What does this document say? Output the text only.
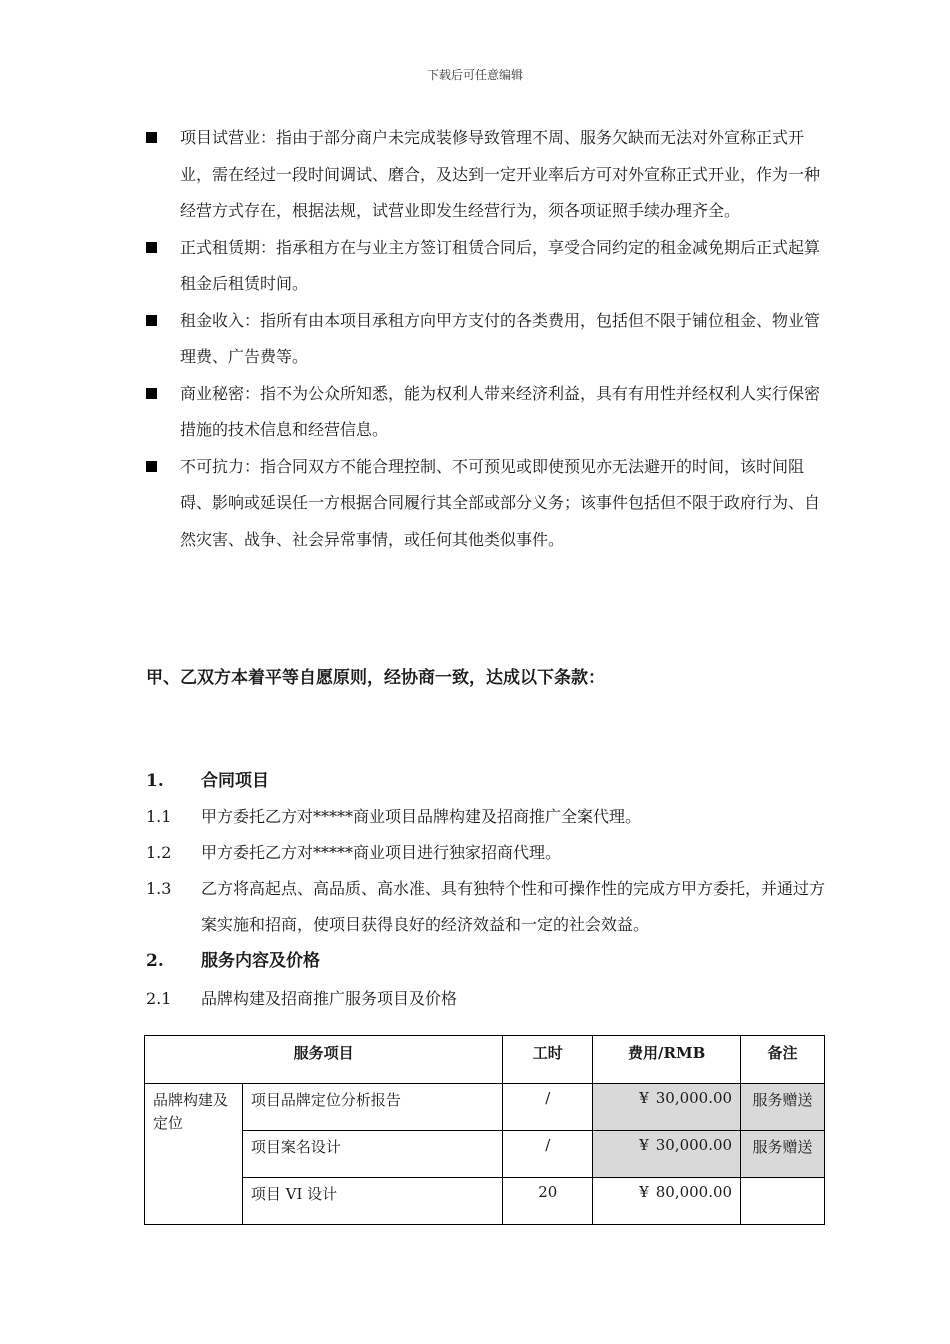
下载后可任意编辑
项目试营业：指由于部分商户未完成装修导致管理不周、服务欠缺而无法对外宣称正式开业，需在经过一段时间调试、磨合，及达到一定开业率后方可对外宣称正式开业，作为一种经营方式存在，根据法规，试营业即发生经营行为，须各项证照手续办理齐全。
正式租赁期：指承租方在与业主方签订租赁合同后，享受合同约定的租金减免期后正式起算租金后租赁时间。
租金收入：指所有由本项目承租方向甲方支付的各类费用，包括但不限于铺位租金、物业管理费、广告费等。
商业秘密：指不为公众所知悉，能为权利人带来经济利益，具有有用性并经权利人实行保密措施的技术信息和经营信息。
不可抗力：指合同双方不能合理控制、不可预见或即使预见亦无法避开的时间，该时间阻碍、影响或延误任一方根据合同履行其全部或部分义务；该事件包括但不限于政府行为、自然灾害、战争、社会异常事情，或任何其他类似事件。
甲、乙双方本着平等自愿原则，经协商一致，达成以下条款：
1. 合同项目
1.1 甲方委托乙方对*****商业项目品牌构建及招商推广全案代理。
1.2 甲方委托乙方对*****商业项目进行独家招商代理。
1.3 乙方将高起点、高品质、高水准、具有独特个性和可操作性的完成方甲方委托，并通过方案实施和招商，使项目获得良好的经济效益和一定的社会效益。
2. 服务内容及价格
2.1 品牌构建及招商推广服务项目及价格
服务项目		工时	费用/RMB	备注
品牌构建及定位	项目品牌定位分析报告	/	¥ 30,000.00	服务赠送
	项目案名设计	/	¥ 30,000.00	服务赠送
	项目 VI 设计	20	¥ 80,000.00	
